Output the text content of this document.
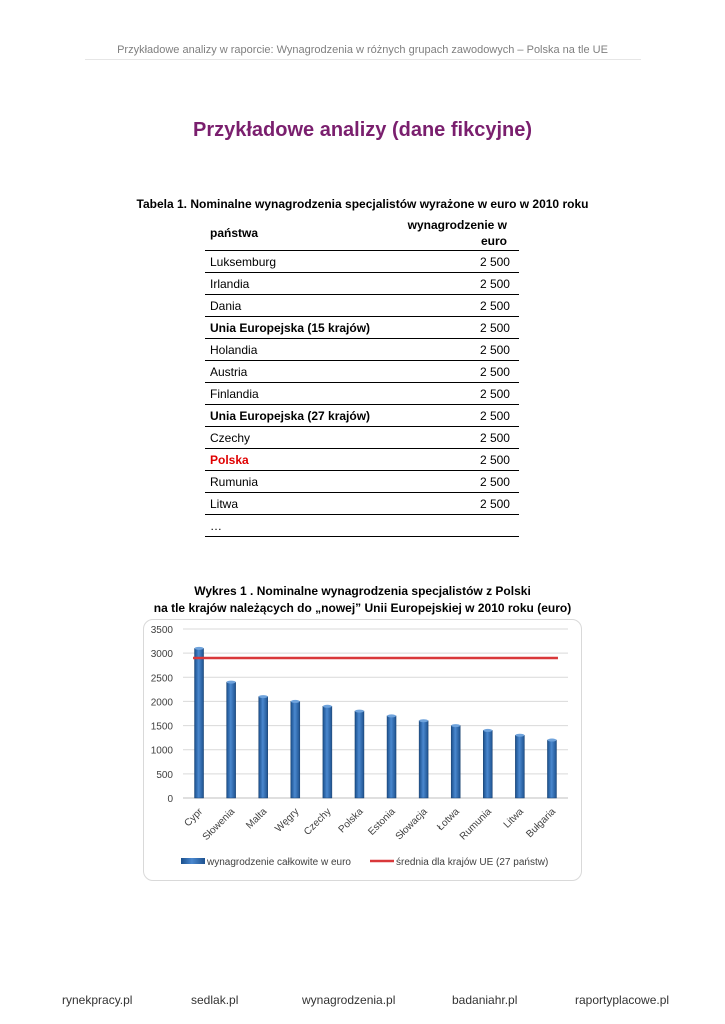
Przykładowe analizy w raporcie: Wynagrodzenia w różnych grupach zawodowych – Polska na tle UE
Przykładowe analizy (dane fikcyjne)
Tabela 1. Nominalne wynagrodzenia specjalistów wyrażone w euro w 2010 roku
państwa	wynagrodzenie w
euro
Luksemburg	2 500
Irlandia	2 500
Dania	2 500
Unia Europejska (15 krajów)	2 500
Holandia	2 500
Austria	2 500
Finlandia	2 500
Unia Europejska (27 krajów)	2 500
Czechy	2 500
Polska	2 500
Rumunia	2 500
Litwa	2 500
…	
Wykres 1 . Nominalne wynagrodzenia specjalistów z Polski
na tle krajów należących do „nowej” Unii Europejskiej w 2010 roku (euro)
0
500
1000
1500
2000
2500
3000
3500
Cypr
Słowenia Malta Węgry Czechy Polska Estonia
Słowacja Łotwa
Rumunia Litwa
Bułgaria
wynagrodzenie całkowite w euro	średnia dla krajów UE (27 państw)
rynekpracy.pl	sedlak.pl	wynagrodzenia.pl	badaniahr.pl	raportyplacowe.pl
